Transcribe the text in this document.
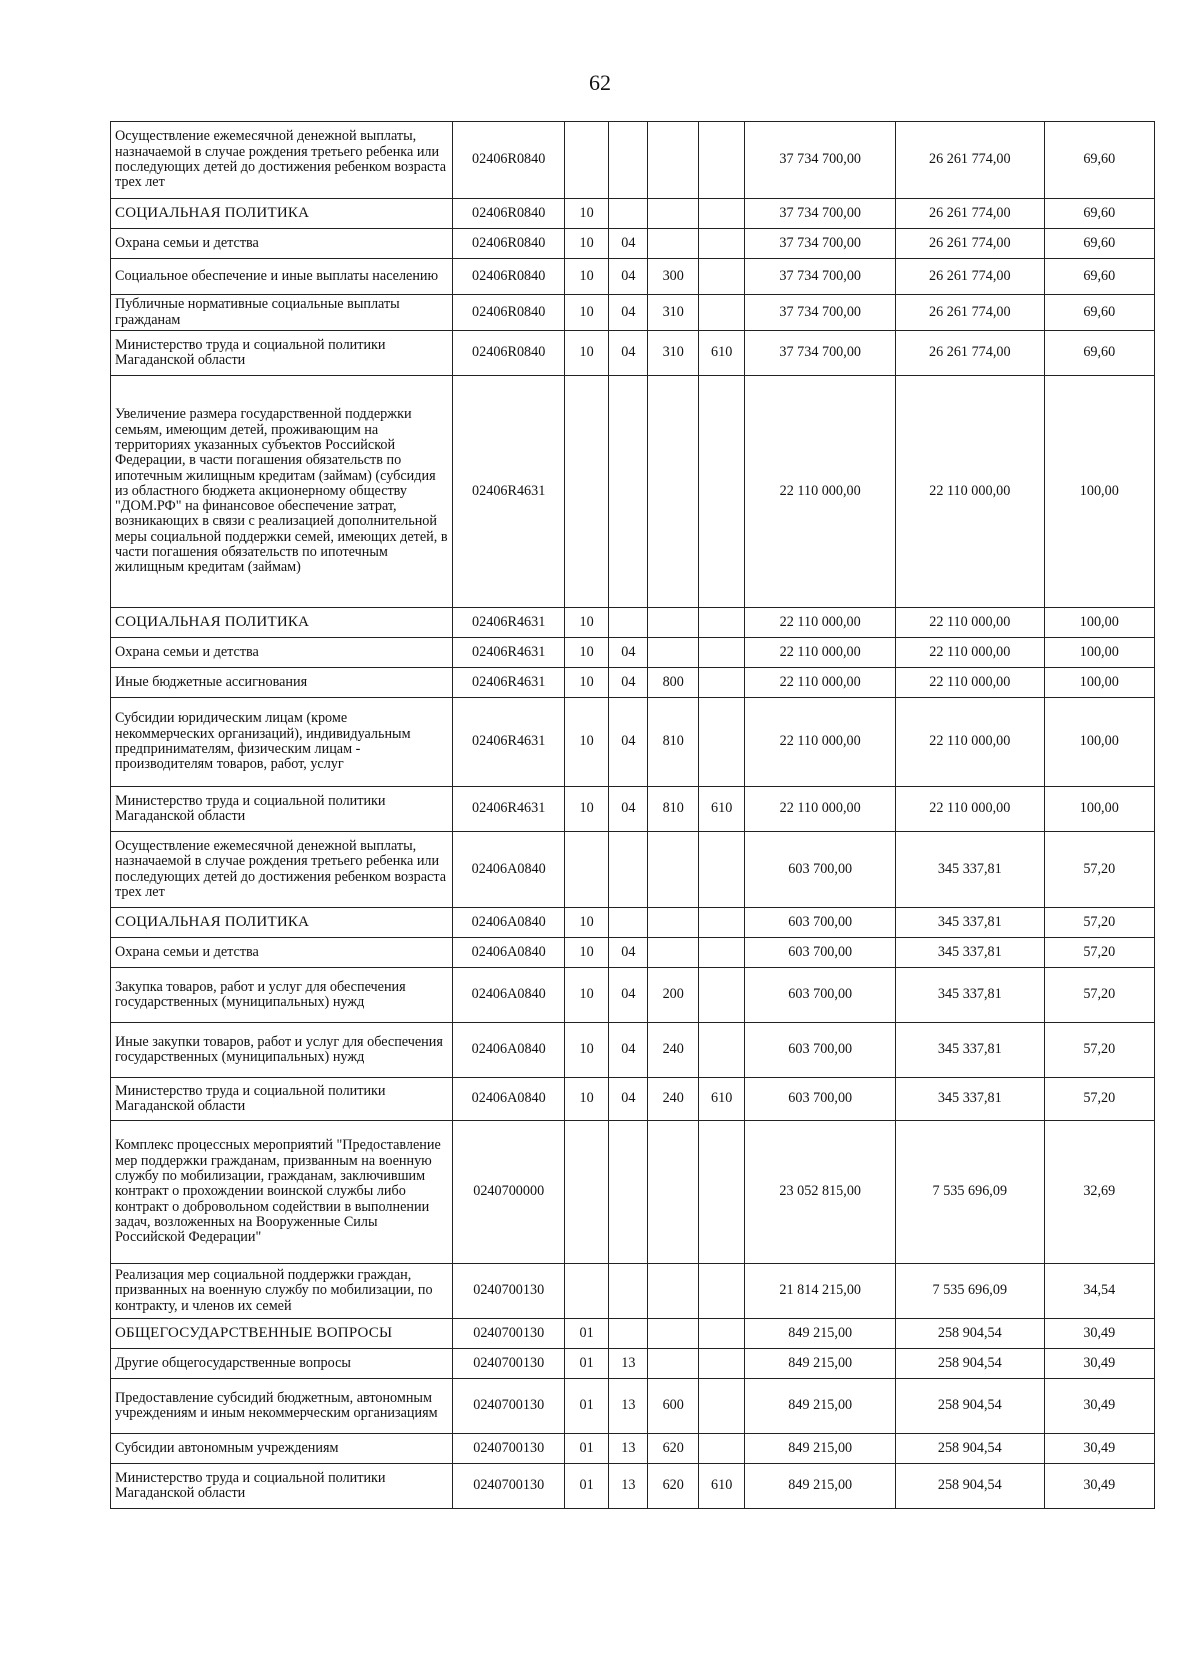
62
Осуществление ежемесячной денежной выплаты, назначаемой в случае рождения третьего ребенка или последующих детей до достижения ребенком возраста трех лет	02406R0840					37 734 700,00	26 261 774,00	69,60
СОЦИАЛЬНАЯ ПОЛИТИКА	02406R0840	10				37 734 700,00	26 261 774,00	69,60
Охрана семьи и детства	02406R0840	10	04			37 734 700,00	26 261 774,00	69,60
Социальное обеспечение и иные выплаты населению	02406R0840	10	04	300		37 734 700,00	26 261 774,00	69,60
Публичные нормативные социальные выплаты гражданам	02406R0840	10	04	310		37 734 700,00	26 261 774,00	69,60
Министерство труда и социальной политики Магаданской области	02406R0840	10	04	310	610	37 734 700,00	26 261 774,00	69,60
Увеличение размера государственной поддержки семьям, имеющим детей, проживающим на территориях указанных субъектов Российской Федерации, в части погашения обязательств по ипотечным жилищным кредитам (займам) (субсидия из областного бюджета акционерному обществу "ДОМ.РФ" на финансовое обеспечение затрат, возникающих в связи с реализацией дополнительной меры социальной поддержки семей, имеющих детей, в части погашения обязательств по ипотечным жилищным кредитам (займам)	02406R4631					22 110 000,00	22 110 000,00	100,00
СОЦИАЛЬНАЯ ПОЛИТИКА	02406R4631	10				22 110 000,00	22 110 000,00	100,00
Охрана семьи и детства	02406R4631	10	04			22 110 000,00	22 110 000,00	100,00
Иные бюджетные ассигнования	02406R4631	10	04	800		22 110 000,00	22 110 000,00	100,00
Субсидии юридическим лицам (кроме некоммерческих организаций), индивидуальным предпринимателям, физическим лицам - производителям товаров, работ, услуг	02406R4631	10	04	810		22 110 000,00	22 110 000,00	100,00
Министерство труда и социальной политики Магаданской области	02406R4631	10	04	810	610	22 110 000,00	22 110 000,00	100,00
Осуществление ежемесячной денежной выплаты, назначаемой в случае рождения третьего ребенка или последующих детей до достижения ребенком возраста трех лет	02406A0840					603 700,00	345 337,81	57,20
СОЦИАЛЬНАЯ ПОЛИТИКА	02406A0840	10				603 700,00	345 337,81	57,20
Охрана семьи и детства	02406A0840	10	04			603 700,00	345 337,81	57,20
Закупка товаров, работ и услуг для обеспечения государственных (муниципальных) нужд	02406A0840	10	04	200		603 700,00	345 337,81	57,20
Иные закупки товаров, работ и услуг для обеспечения государственных (муниципальных) нужд	02406A0840	10	04	240		603 700,00	345 337,81	57,20
Министерство труда и социальной политики Магаданской области	02406A0840	10	04	240	610	603 700,00	345 337,81	57,20
Комплекс процессных мероприятий "Предоставление мер поддержки гражданам, призванным на военную службу по мобилизации, гражданам, заключившим контракт о прохождении воинской службы либо контракт о добровольном содействии в выполнении задач, возложенных на Вооруженные Силы Российской Федерации"	0240700000					23 052 815,00	7 535 696,09	32,69
Реализация мер социальной поддержки граждан, призванных на военную службу по мобилизации, по контракту, и членов их семей	0240700130					21 814 215,00	7 535 696,09	34,54
ОБЩЕГОСУДАРСТВЕННЫЕ ВОПРОСЫ	0240700130	01				849 215,00	258 904,54	30,49
Другие общегосударственные вопросы	0240700130	01	13			849 215,00	258 904,54	30,49
Предоставление субсидий бюджетным, автономным учреждениям и иным некоммерческим организациям	0240700130	01	13	600		849 215,00	258 904,54	30,49
Субсидии автономным учреждениям	0240700130	01	13	620		849 215,00	258 904,54	30,49
Министерство труда и социальной политики Магаданской области	0240700130	01	13	620	610	849 215,00	258 904,54	30,49
